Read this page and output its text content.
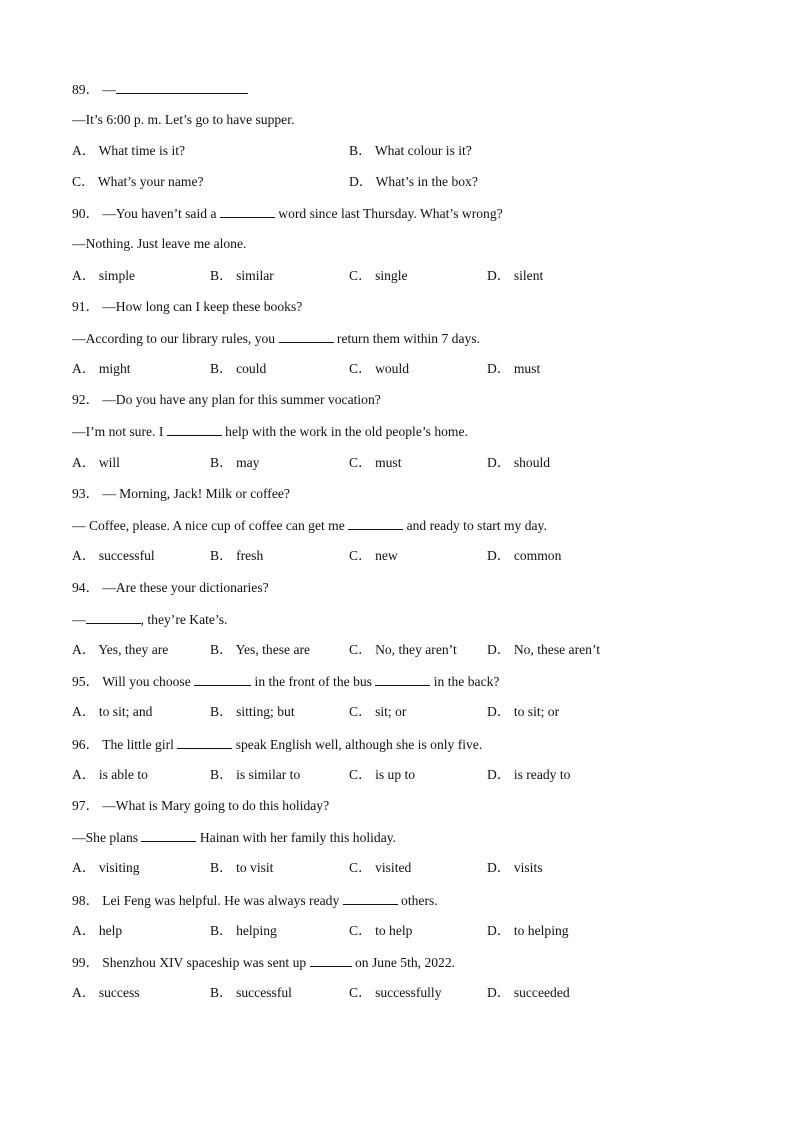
89． —
—It’s 6:00 p. m. Let’s go to have supper.
A． What time is it?	B． What colour is it?
C． What’s your name?	D． What’s in the box?
90． —You haven’t said a	word since last Thursday. What’s wrong?
—Nothing. Just leave me alone.
A． simple	B． similar	C． single	D． silent
91． —How long can I keep these books?
—According to our library rules, you	return them within 7 days.
A． might	B． could	C． would	D． must
92． —Do you have any plan for this summer vocation?
—I’m not sure. I	help with the work in the old people’s home.
A． will	B． may	C． must	D． should
93． — Morning, Jack! Milk or coffee?
— Coffee, please. A nice cup of coffee can get me	and ready to start my day.
A． successful	B． fresh	C． new	D． common
94． —Are these your dictionaries?
—	, they’re Kate’s.
A． Yes, they are	B． Yes, these are	C． No, they aren’t D． No, these aren’t
95． Will you choose	in the front of the bus	in the back?
A． to sit; and	B． sitting; but	C． sit; or	D． to sit; or
96． The little girl	speak English well, although she is only five.
A． is able to	B． is similar to	C． is up to	D． is ready to
97． —What is Mary going to do this holiday?
—She plans	Hainan with her family this holiday.
A． visiting	B． to visit	C． visited	D． visits
98． Lei Feng was helpful. He was always ready	others.
A． help	B． helping	C． to help	D． to helping
99． Shenzhou XIV spaceship was sent up	on June 5th, 2022.
A． success	B． successful	C． successfully	D． succeeded
